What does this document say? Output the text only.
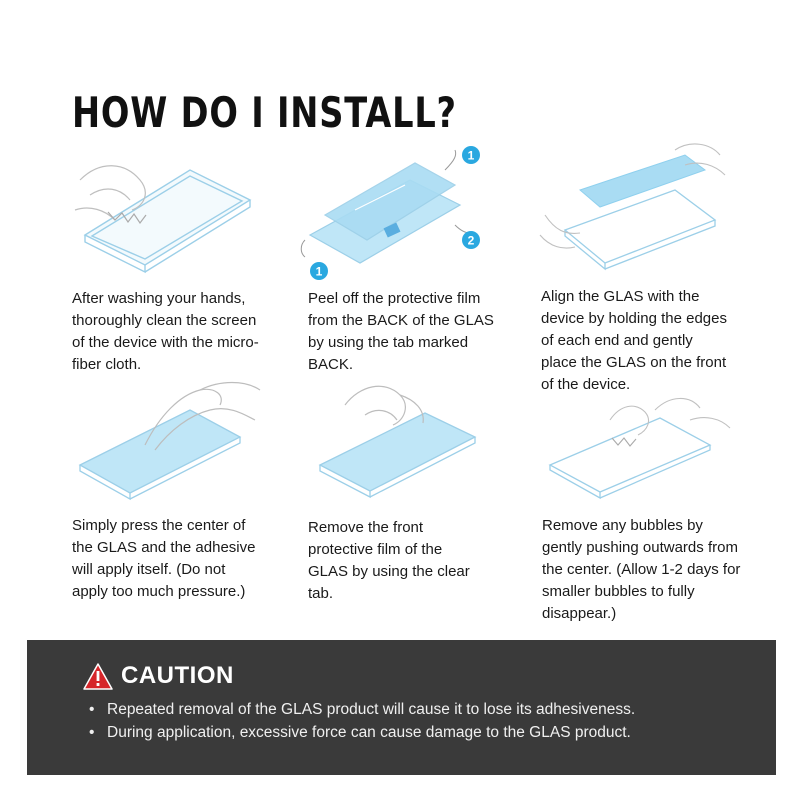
HOW DO I INSTALL?
1
2
1

After washing your hands, thoroughly clean the screen of the device with the micro-fiber cloth.

Peel off the protective film from the BACK of the GLAS by using the tab marked BACK.

Align the GLAS with the device by holding the edges of each end and gently place the GLAS on the front of the device.

Simply press the center of the GLAS and the adhesive will apply itself. (Do not apply too much pressure.)

Remove the front protective film of the GLAS by using the clear tab.

Remove any bubbles by gently pushing outwards from the center. (Allow 1-2 days for smaller bubbles to fully disappear.)

CAUTION
• Repeated removal of the GLAS product will cause it to lose its adhesiveness.
• During application, excessive force can cause damage to the GLAS product.
